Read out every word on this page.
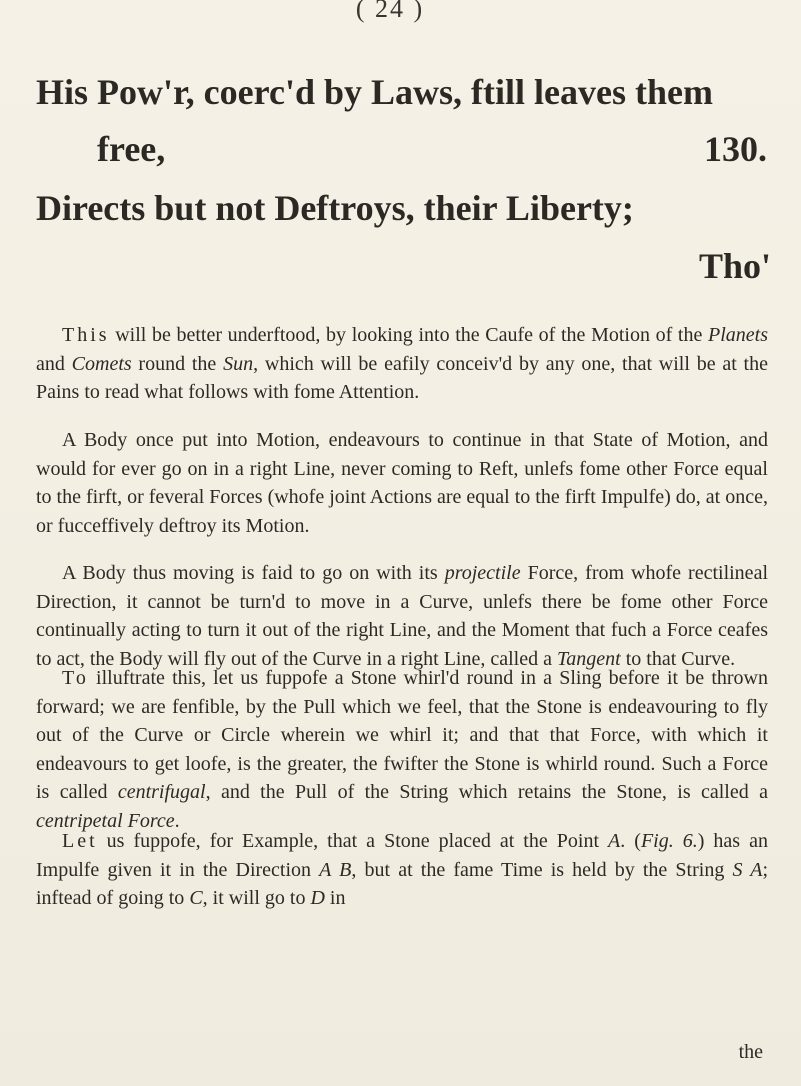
( 24 )
His Pow'r, coerc'd by Laws, ftill leaves them
free,	130.
Directs but not Deftroys, their Liberty;
Tho'

This will be better underftood, by looking into the Caufe of the Motion of the Planets and Comets round the Sun, which will be eafily conceiv'd by any one, that will be at the Pains to read what follows with fome Attention.

A Body once put into Motion, endeavours to continue in that State of Motion, and would for ever go on in a right Line, never coming to Reft, unlefs fome other Force equal to the firft, or feveral Forces (whofe joint Actions are equal to the firft Impulfe) do, at once, or fucceffively deftroy its Motion.

A Body thus moving is faid to go on with its projectile Force, from whofe rectilineal Direction, it cannot be turn'd to move in a Curve, unlefs there be fome other Force continually acting to turn it out of the right Line, and the Moment that fuch a Force ceafes to act, the Body will fly out of the Curve in a right Line, called a Tangent to that Curve.

To illuftrate this, let us fuppofe a Stone whirl'd round in a Sling before it be thrown forward; we are fenfible, by the Pull which we feel, that the Stone is endeavouring to fly out of the Curve or Circle wherein we whirl it; and that that Force, with which it endeavours to get loofe, is the greater, the fwifter the Stone is whirld round. Such a Force is called centrifugal, and the Pull of the String which retains the Stone, is called a centripetal Force.

Let us fuppofe, for Example, that a Stone placed at the Point A. (Fig. 6.) has an Impulfe given it in the Direction A B, but at the fame Time is held by the String S A; inftead of going to C, it will go to D in

the
